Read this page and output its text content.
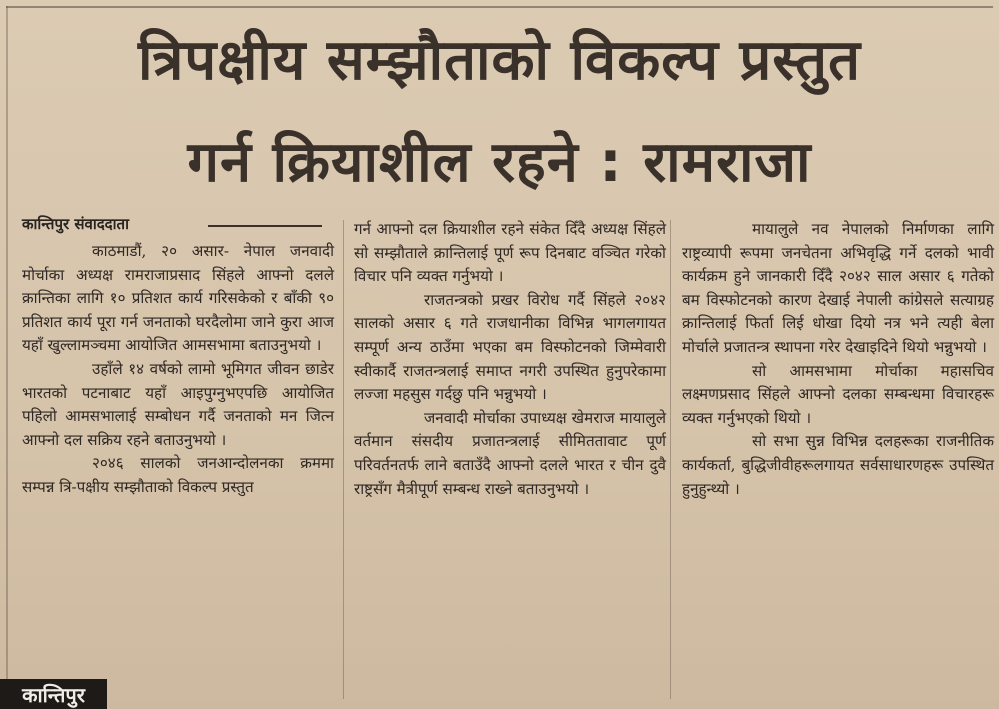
त्रिपक्षीय सम्झौताको विकल्प प्रस्तुत
गर्न क्रियाशील रहने : रामराजा
कान्तिपुर संवाददाता

काठमाडौं, २० असार- नेपाल जनवादी मोर्चाका अध्यक्ष रामराजाप्रसाद सिंहले आफ्नो दलले क्रान्तिका लागि १० प्रतिशत कार्य गरिसकेको र बाँकी ९० प्रतिशत कार्य पूरा गर्न जनताको घरदैलोमा जाने कुरा आज यहाँ खुल्लामञ्चमा आयोजित आमसभामा बताउनुभयो ।

उहाँले १४ वर्षको लामो भूमिगत जीवन छाडेर भारतको पटनाबाट यहाँ आइपुग्नुभएपछि आयोजित पहिलो आमसभालाई सम्बोधन गर्दै जनताको मन जित्न आफ्नो दल सक्रिय रहने बताउनुभयो ।

२०४६ सालको जनआन्दोलनका क्रममा सम्पन्न त्रि-पक्षीय सम्झौताको विकल्प प्रस्तुत

गर्न आफ्नो दल क्रियाशील रहने संकेत दिँदै अध्यक्ष सिंहले सो सम्झौताले क्रान्तिलाई पूर्ण रूप दिनबाट वञ्चित गरेको विचार पनि व्यक्त गर्नुभयो ।

राजतन्त्रको प्रखर विरोध गर्दै सिंहले २०४२ सालको असार ६ गते राजधानीका विभिन्न भागलगायत सम्पूर्ण अन्य ठाउँमा भएका बम विस्फोटनको जिम्मेवारी स्वीकार्दै राजतन्त्रलाई समाप्त नगरी उपस्थित हुनुपरेकामा लज्जा महसुस गर्दछु पनि भन्नुभयो ।

जनवादी मोर्चाका उपाध्यक्ष खेमराज मायालुले वर्तमान संसदीय प्रजातन्त्रलाई सीमिततावाट पूर्ण परिवर्तनतर्फ लाने बताउँदै आफ्नो दलले भारत र चीन दुवै राष्ट्रसँग मैत्रीपूर्ण सम्बन्ध राख्ने बताउनुभयो ।

मायालुले नव नेपालको निर्माणका लागि राष्ट्रव्यापी रूपमा जनचेतना अभिवृद्धि गर्ने दलको भावी कार्यक्रम हुने जानकारी दिँदै २०४२ साल असार ६ गतेको बम विस्फोटनको कारण देखाई नेपाली कांग्रेसले सत्याग्रह क्रान्तिलाई फिर्ता लिई धोखा दियो नत्र भने त्यही बेला मोर्चाले प्रजातन्त्र स्थापना गरेर देखाइदिने थियो भन्नुभयो ।

सो आमसभामा मोर्चाका महासचिव लक्ष्मणप्रसाद सिंहले आफ्नो दलका सम्बन्धमा विचारहरू व्यक्त गर्नुभएको थियो ।

सो सभा सुन्न विभिन्न दलहरूका राजनीतिक कार्यकर्ता, बुद्धिजीवीहरूलगायत सर्वसाधारणहरू उपस्थित हुनुहुन्थ्यो ।

कान्तिपुर
